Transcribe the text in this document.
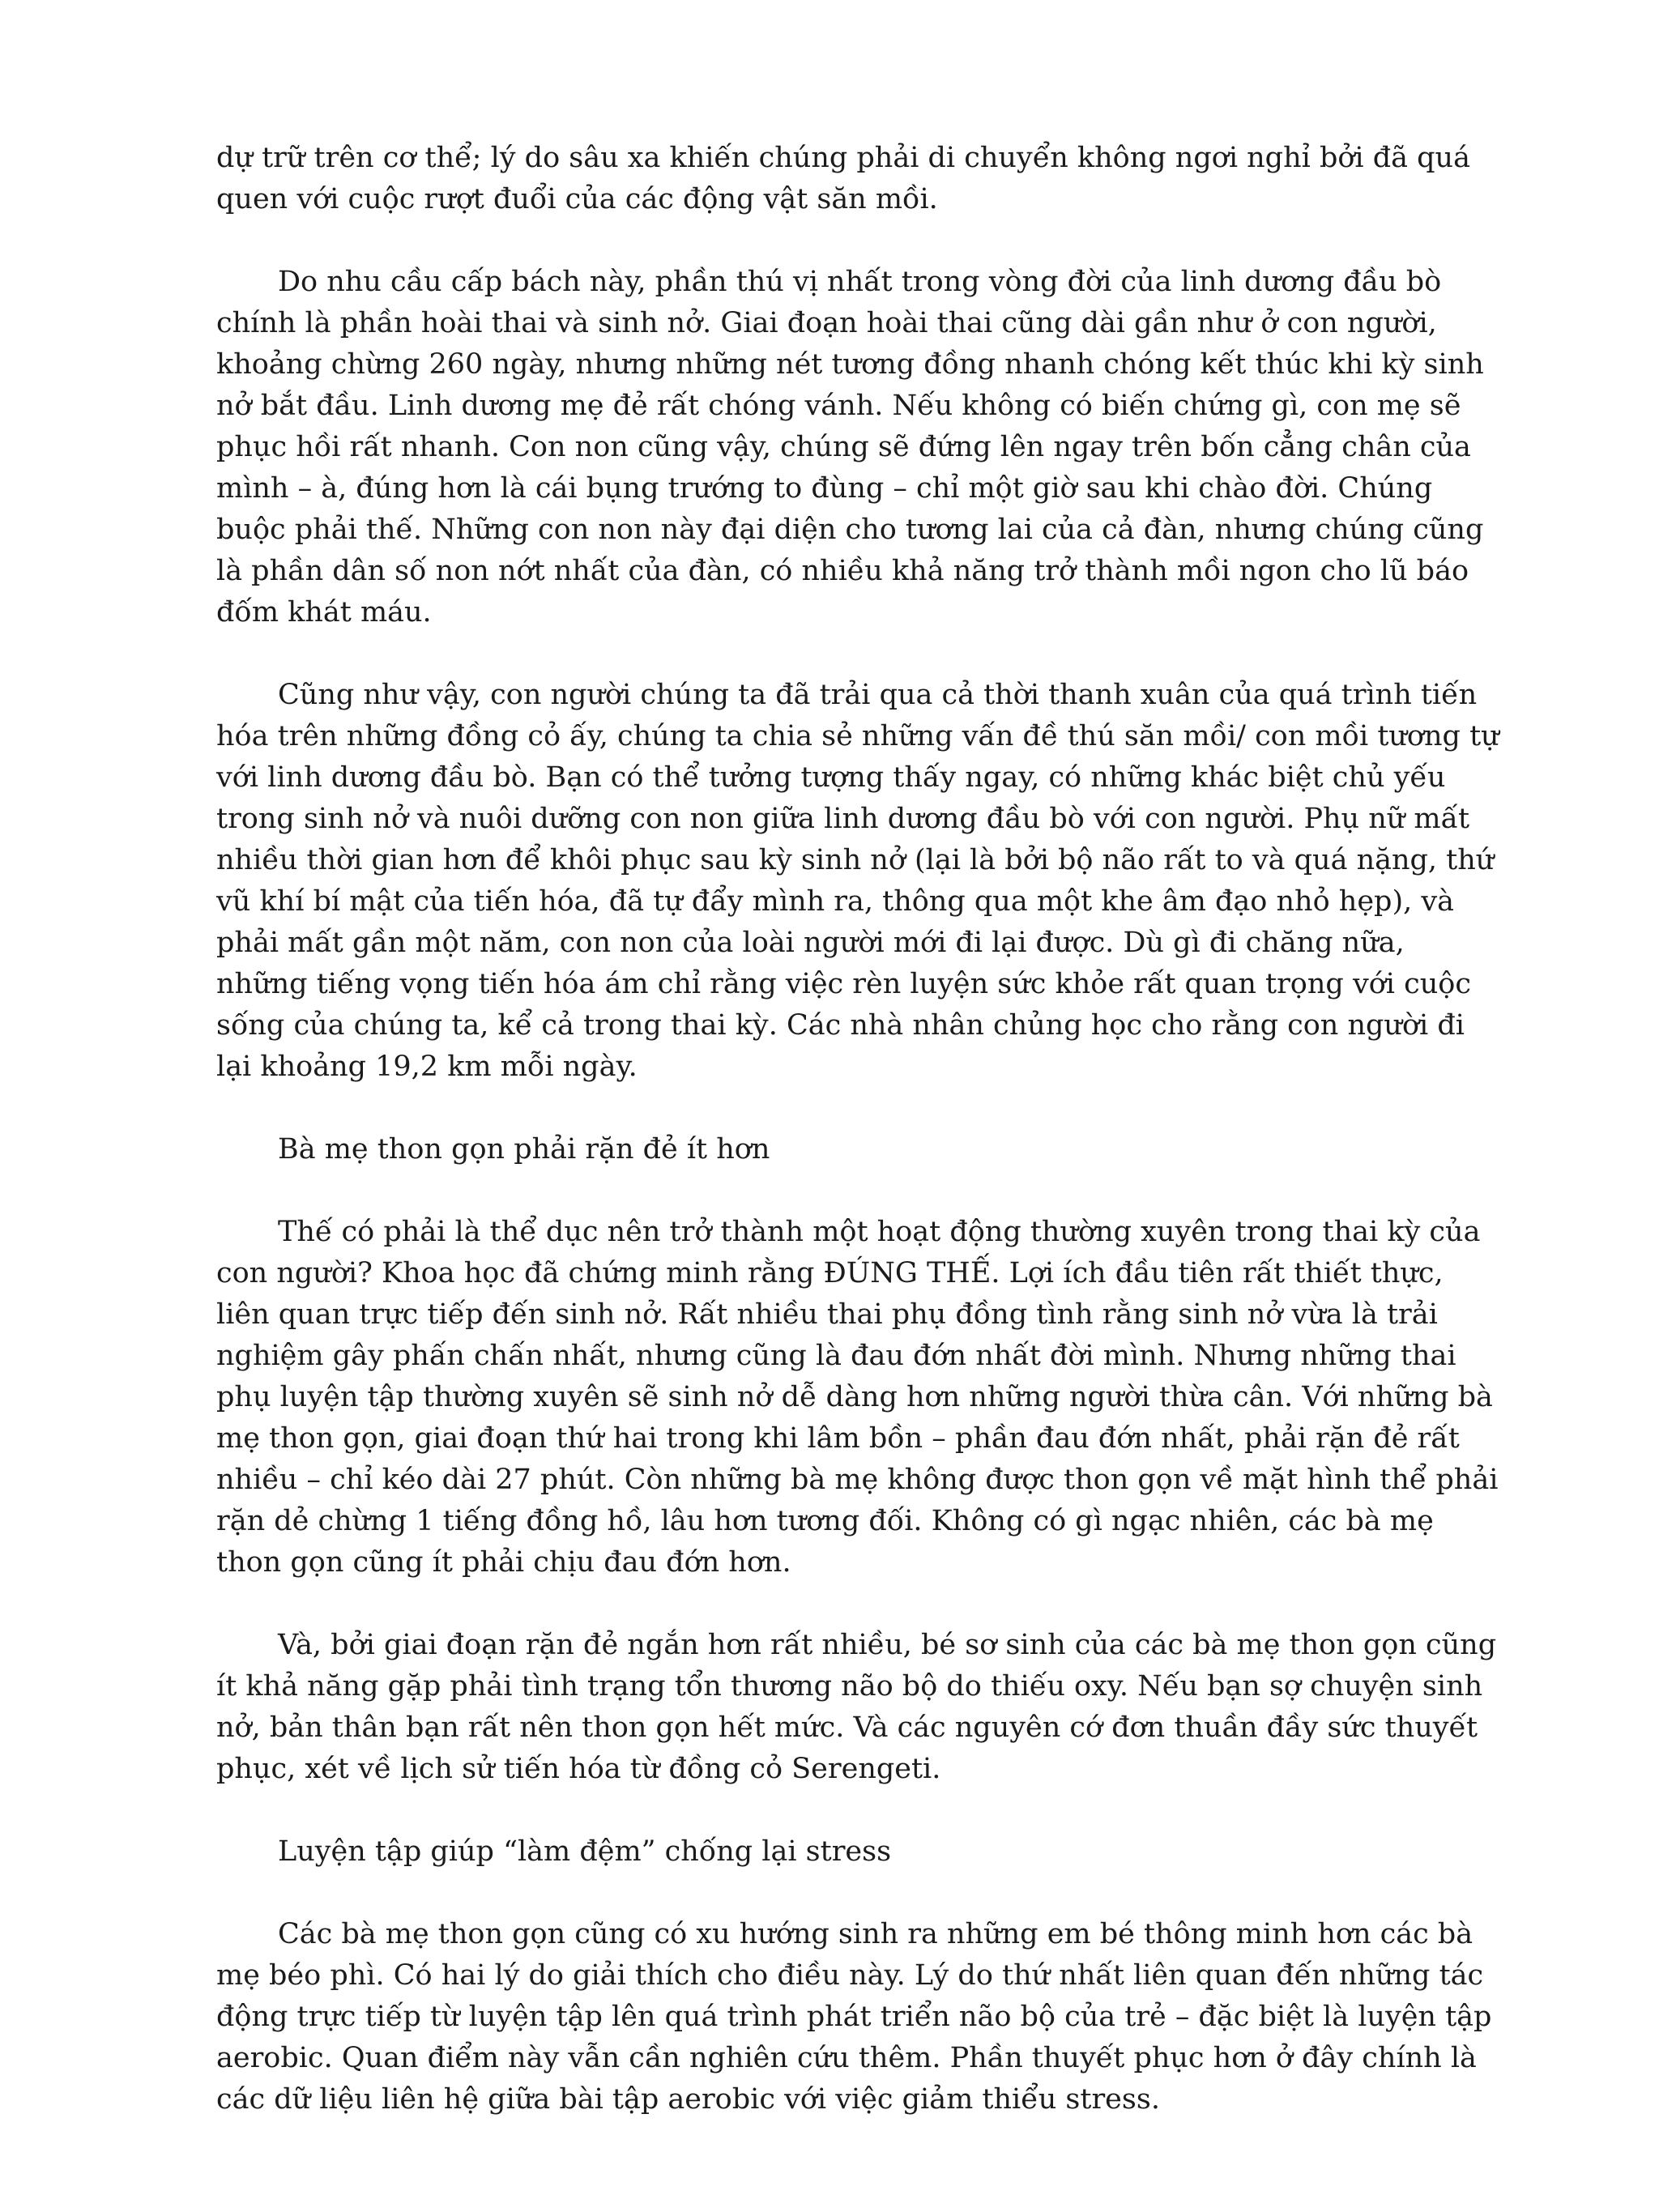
dự trữ trên cơ thể; lý do sâu xa khiến chúng phải di chuyển không ngơi nghỉ bởi đã quá quen với cuộc rượt đuổi của các động vật săn mồi.

Do nhu cầu cấp bách này, phần thú vị nhất trong vòng đời của linh dương đầu bò chính là phần hoài thai và sinh nở. Giai đoạn hoài thai cũng dài gần như ở con người, khoảng chừng 260 ngày, nhưng những nét tương đồng nhanh chóng kết thúc khi kỳ sinh nở bắt đầu. Linh dương mẹ đẻ rất chóng vánh. Nếu không có biến chứng gì, con mẹ sẽ phục hồi rất nhanh. Con non cũng vậy, chúng sẽ đứng lên ngay trên bốn cẳng chân của mình – à, đúng hơn là cái bụng trướng to đùng – chỉ một giờ sau khi chào đời. Chúng buộc phải thế. Những con non này đại diện cho tương lai của cả đàn, nhưng chúng cũng là phần dân số non nớt nhất của đàn, có nhiều khả năng trở thành mồi ngon cho lũ báo đốm khát máu.

Cũng như vậy, con người chúng ta đã trải qua cả thời thanh xuân của quá trình tiến hóa trên những đồng cỏ ấy, chúng ta chia sẻ những vấn đề thú săn mồi/ con mồi tương tự với linh dương đầu bò. Bạn có thể tưởng tượng thấy ngay, có những khác biệt chủ yếu trong sinh nở và nuôi dưỡng con non giữa linh dương đầu bò với con người. Phụ nữ mất nhiều thời gian hơn để khôi phục sau kỳ sinh nở (lại là bởi bộ não rất to và quá nặng, thứ vũ khí bí mật của tiến hóa, đã tự đẩy mình ra, thông qua một khe âm đạo nhỏ hẹp), và phải mất gần một năm, con non của loài người mới đi lại được. Dù gì đi chăng nữa, những tiếng vọng tiến hóa ám chỉ rằng việc rèn luyện sức khỏe rất quan trọng với cuộc sống của chúng ta, kể cả trong thai kỳ. Các nhà nhân chủng học cho rằng con người đi lại khoảng 19,2 km mỗi ngày.

Bà mẹ thon gọn phải rặn đẻ ít hơn

Thế có phải là thể dục nên trở thành một hoạt động thường xuyên trong thai kỳ của con người? Khoa học đã chứng minh rằng ĐÚNG THẾ. Lợi ích đầu tiên rất thiết thực, liên quan trực tiếp đến sinh nở. Rất nhiều thai phụ đồng tình rằng sinh nở vừa là trải nghiệm gây phấn chấn nhất, nhưng cũng là đau đớn nhất đời mình. Nhưng những thai phụ luyện tập thường xuyên sẽ sinh nở dễ dàng hơn những người thừa cân. Với những bà mẹ thon gọn, giai đoạn thứ hai trong khi lâm bồn – phần đau đớn nhất, phải rặn đẻ rất nhiều – chỉ kéo dài 27 phút. Còn những bà mẹ không được thon gọn về mặt hình thể phải rặn dẻ chừng 1 tiếng đồng hồ, lâu hơn tương đối. Không có gì ngạc nhiên, các bà mẹ thon gọn cũng ít phải chịu đau đớn hơn.

Và, bởi giai đoạn rặn đẻ ngắn hơn rất nhiều, bé sơ sinh của các bà mẹ thon gọn cũng ít khả năng gặp phải tình trạng tổn thương não bộ do thiếu oxy. Nếu bạn sợ chuyện sinh nở, bản thân bạn rất nên thon gọn hết mức. Và các nguyên cớ đơn thuần đầy sức thuyết phục, xét về lịch sử tiến hóa từ đồng cỏ Serengeti.

Luyện tập giúp “làm đệm” chống lại stress

Các bà mẹ thon gọn cũng có xu hướng sinh ra những em bé thông minh hơn các bà mẹ béo phì. Có hai lý do giải thích cho điều này. Lý do thứ nhất liên quan đến những tác động trực tiếp từ luyện tập lên quá trình phát triển não bộ của trẻ – đặc biệt là luyện tập aerobic. Quan điểm này vẫn cần nghiên cứu thêm. Phần thuyết phục hơn ở đây chính là các dữ liệu liên hệ giữa bài tập aerobic với việc giảm thiểu stress.
